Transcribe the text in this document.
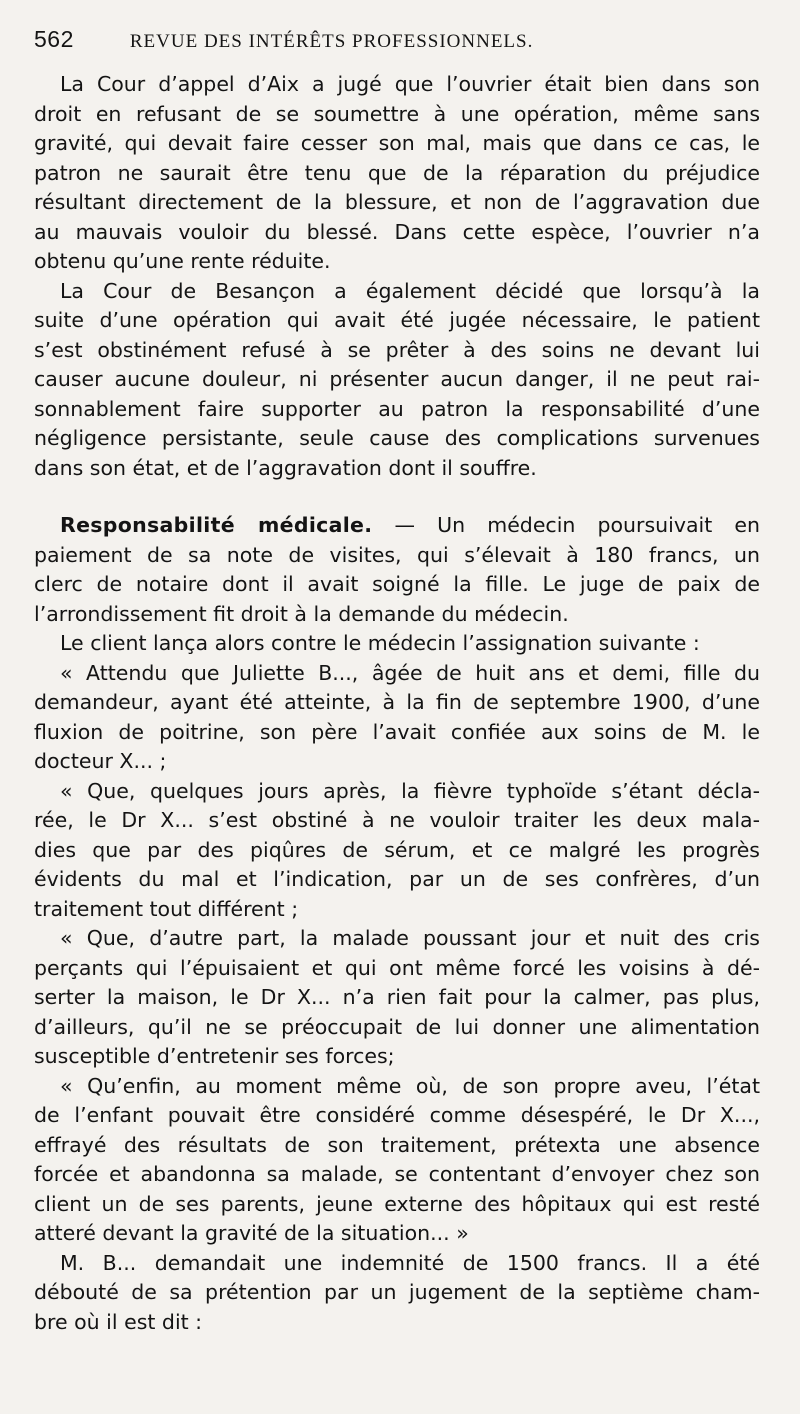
562	REVUE DES INTÉRÊTS PROFESSIONNELS.

La Cour d’appel d’Aix a jugé que l’ouvrier était bien dans son
droit en refusant de se soumettre à une opération, même sans
gravité, qui devait faire cesser son mal, mais que dans ce cas, le
patron ne saurait être tenu que de la réparation du préjudice
résultant directement de la blessure, et non de l’aggravation due
au mauvais vouloir du blessé. Dans cette espèce, l’ouvrier n’a
obtenu qu’une rente réduite.

La Cour de Besançon a également décidé que lorsqu’à la
suite d’une opération qui avait été jugée nécessaire, le patient
s’est obstinément refusé à se prêter à des soins ne devant lui
causer aucune douleur, ni présenter aucun danger, il ne peut rai-
sonnablement faire supporter au patron la responsabilité d’une
négligence persistante, seule cause des complications survenues
dans son état, et de l’aggravation dont il souffre.

Responsabilité médicale. — Un médecin poursuivait en
paiement de sa note de visites, qui s’élevait à 180 francs, un
clerc de notaire dont il avait soigné la fille. Le juge de paix de
l’arrondissement fit droit à la demande du médecin.

Le client lança alors contre le médecin l’assignation suivante :

« Attendu que Juliette B..., âgée de huit ans et demi, fille du
demandeur, ayant été atteinte, à la fin de septembre 1900, d’une
fluxion de poitrine, son père l’avait confiée aux soins de M. le
docteur X... ;

« Que, quelques jours après, la fièvre typhoïde s’étant décla-
rée, le Dr X... s’est obstiné à ne vouloir traiter les deux mala-
dies que par des piqûres de sérum, et ce malgré les progrès
évidents du mal et l’indication, par un de ses confrères, d’un
traitement tout différent ;

« Que, d’autre part, la malade poussant jour et nuit des cris
perçants qui l’épuisaient et qui ont même forcé les voisins à dé-
serter la maison, le Dr X... n’a rien fait pour la calmer, pas plus,
d’ailleurs, qu’il ne se préoccupait de lui donner une alimentation
susceptible d’entretenir ses forces;

« Qu’enfin, au moment même où, de son propre aveu, l’état
de l’enfant pouvait être considéré comme désespéré, le Dr X...,
effrayé des résultats de son traitement, prétexta une absence
forcée et abandonna sa malade, se contentant d’envoyer chez son
client un de ses parents, jeune externe des hôpitaux qui est resté
atteré devant la gravité de la situation... »

M. B... demandait une indemnité de 1500 francs. Il a été
débouté de sa prétention par un jugement de la septième cham-
bre où il est dit :
